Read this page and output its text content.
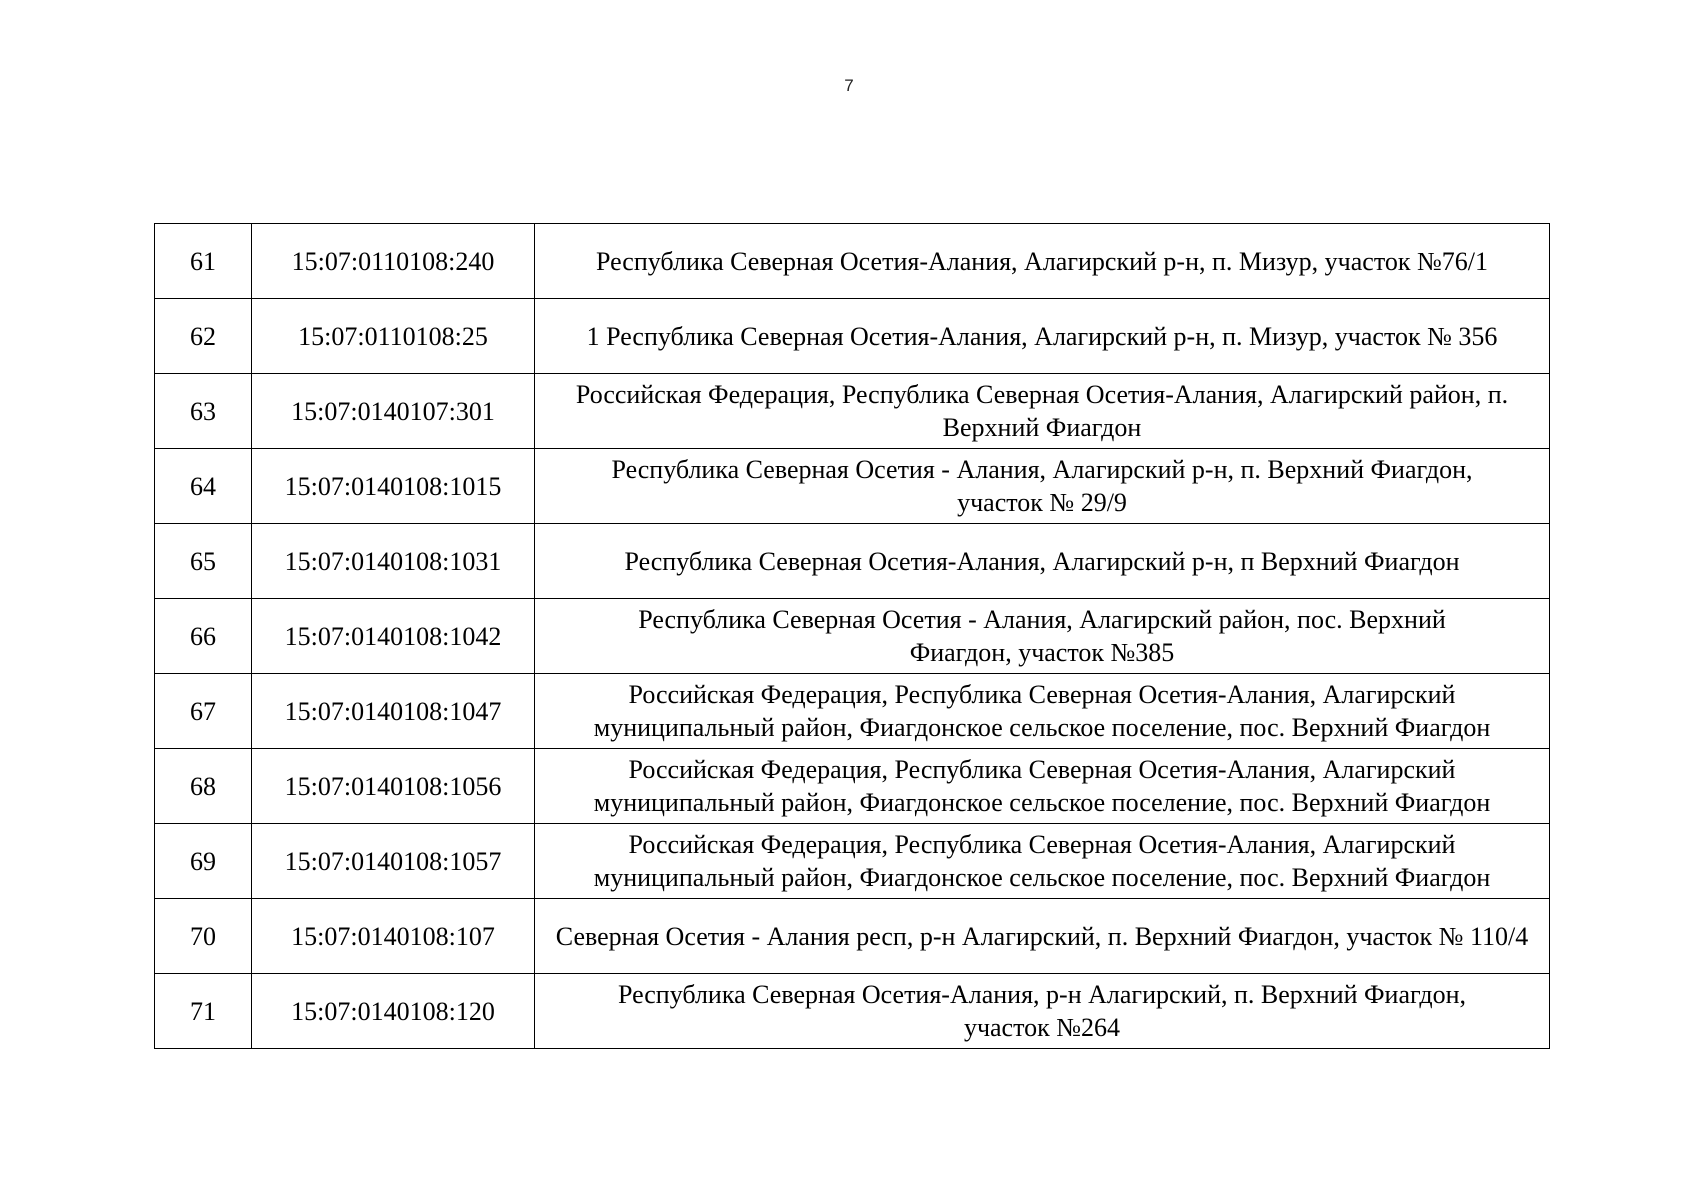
7
61	15:07:0110108:240	Республика Северная Осетия-Алания, Алагирский р-н, п. Мизур, участок №76/1
62	15:07:0110108:25	1 Республика Северная Осетия-Алания, Алагирский р-н, п. Мизур, участок № 356
63	15:07:0140107:301	Российская Федерация, Республика Северная Осетия-Алания, Алагирский район, п. Верхний Фиагдон
64	15:07:0140108:1015	Республика Северная Осетия - Алания, Алагирский р-н, п. Верхний Фиагдон, участок № 29/9
65	15:07:0140108:1031	Республика Северная Осетия-Алания, Алагирский р-н, п Верхний Фиагдон
66	15:07:0140108:1042	Республика Северная Осетия - Алания, Алагирский район, пос. Верхний Фиагдон, участок №385
67	15:07:0140108:1047	Российская Федерация, Республика Северная Осетия-Алания, Алагирский муниципальный район, Фиагдонское сельское поселение, пос. Верхний Фиагдон
68	15:07:0140108:1056	Российская Федерация, Республика Северная Осетия-Алания, Алагирский муниципальный район, Фиагдонское сельское поселение, пос. Верхний Фиагдон
69	15:07:0140108:1057	Российская Федерация, Республика Северная Осетия-Алания, Алагирский муниципальный район, Фиагдонское сельское поселение, пос. Верхний Фиагдон
70	15:07:0140108:107	Северная Осетия - Алания респ, р-н Алагирский, п. Верхний Фиагдон, участок № 110/4
71	15:07:0140108:120	Республика Северная Осетия-Алания, р-н Алагирский, п. Верхний Фиагдон, участок №264
